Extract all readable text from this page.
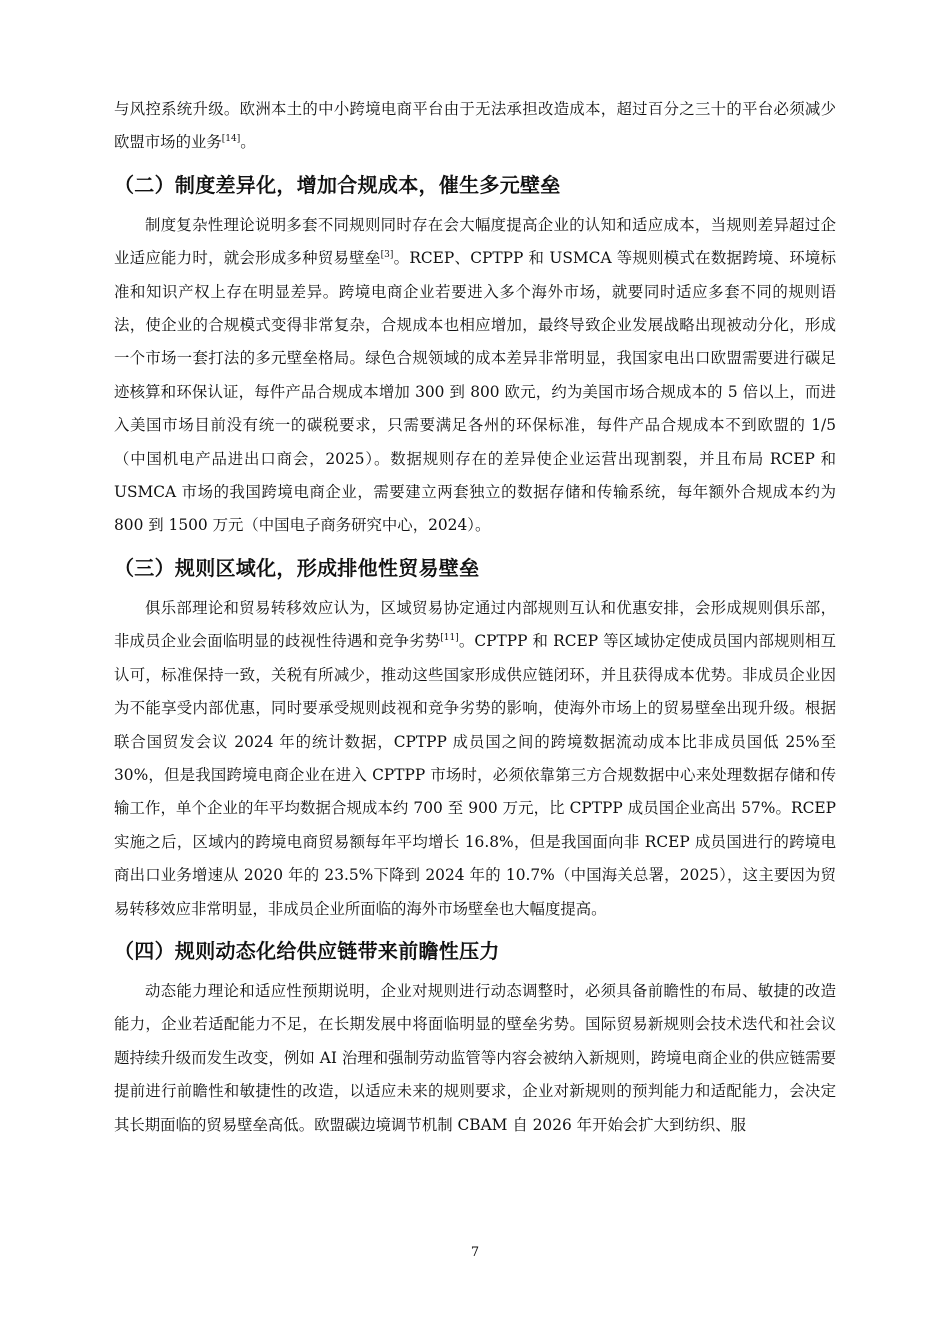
与风控系统升级。欧洲本土的中小跨境电商平台由于无法承担改造成本，超过百分之三十的平台必须减少欧盟市场的业务[14]。

（二）制度差异化，增加合规成本，催生多元壁垒

制度复杂性理论说明多套不同规则同时存在会大幅度提高企业的认知和适应成本，当规则差异超过企业适应能力时，就会形成多种贸易壁垒[3]。RCEP、CPTPP 和 USMCA 等规则模式在数据跨境、环境标准和知识产权上存在明显差异。跨境电商企业若要进入多个海外市场，就要同时适应多套不同的规则语法，使企业的合规模式变得非常复杂，合规成本也相应增加，最终导致企业发展战略出现被动分化，形成一个市场一套打法的多元壁垒格局。绿色合规领域的成本差异非常明显，我国家电出口欧盟需要进行碳足迹核算和环保认证，每件产品合规成本增加 300 到 800 欧元，约为美国市场合规成本的 5 倍以上，而进入美国市场目前没有统一的碳税要求，只需要满足各州的环保标准，每件产品合规成本不到欧盟的 1/5（中国机电产品进出口商会，2025）。数据规则存在的差异使企业运营出现割裂，并且布局 RCEP 和 USMCA 市场的我国跨境电商企业，需要建立两套独立的数据存储和传输系统，每年额外合规成本约为 800 到 1500 万元（中国电子商务研究中心，2024）。

（三）规则区域化，形成排他性贸易壁垒

俱乐部理论和贸易转移效应认为，区域贸易协定通过内部规则互认和优惠安排，会形成规则俱乐部，非成员企业会面临明显的歧视性待遇和竞争劣势[11]。CPTPP 和 RCEP 等区域协定使成员国内部规则相互认可，标准保持一致，关税有所减少，推动这些国家形成供应链闭环，并且获得成本优势。非成员企业因为不能享受内部优惠，同时要承受规则歧视和竞争劣势的影响，使海外市场上的贸易壁垒出现升级。根据联合国贸发会议 2024 年的统计数据，CPTPP 成员国之间的跨境数据流动成本比非成员国低 25%至 30%，但是我国跨境电商企业在进入 CPTPP 市场时，必须依靠第三方合规数据中心来处理数据存储和传输工作，单个企业的年平均数据合规成本约 700 至 900 万元，比 CPTPP 成员国企业高出 57%。RCEP 实施之后，区域内的跨境电商贸易额每年平均增长 16.8%，但是我国面向非 RCEP 成员国进行的跨境电商出口业务增速从 2020 年的 23.5%下降到 2024 年的 10.7%（中国海关总署，2025），这主要因为贸易转移效应非常明显，非成员企业所面临的海外市场壁垒也大幅度提高。

（四）规则动态化给供应链带来前瞻性压力

动态能力理论和适应性预期说明，企业对规则进行动态调整时，必须具备前瞻性的布局、敏捷的改造能力，企业若适配能力不足，在长期发展中将面临明显的壁垒劣势。国际贸易新规则会技术迭代和社会议题持续升级而发生改变，例如 AI 治理和强制劳动监管等内容会被纳入新规则，跨境电商企业的供应链需要提前进行前瞻性和敏捷性的改造，以适应未来的规则要求，企业对新规则的预判能力和适配能力，会决定其长期面临的贸易壁垒高低。欧盟碳边境调节机制 CBAM 自 2026 年开始会扩大到纺织、服

7
